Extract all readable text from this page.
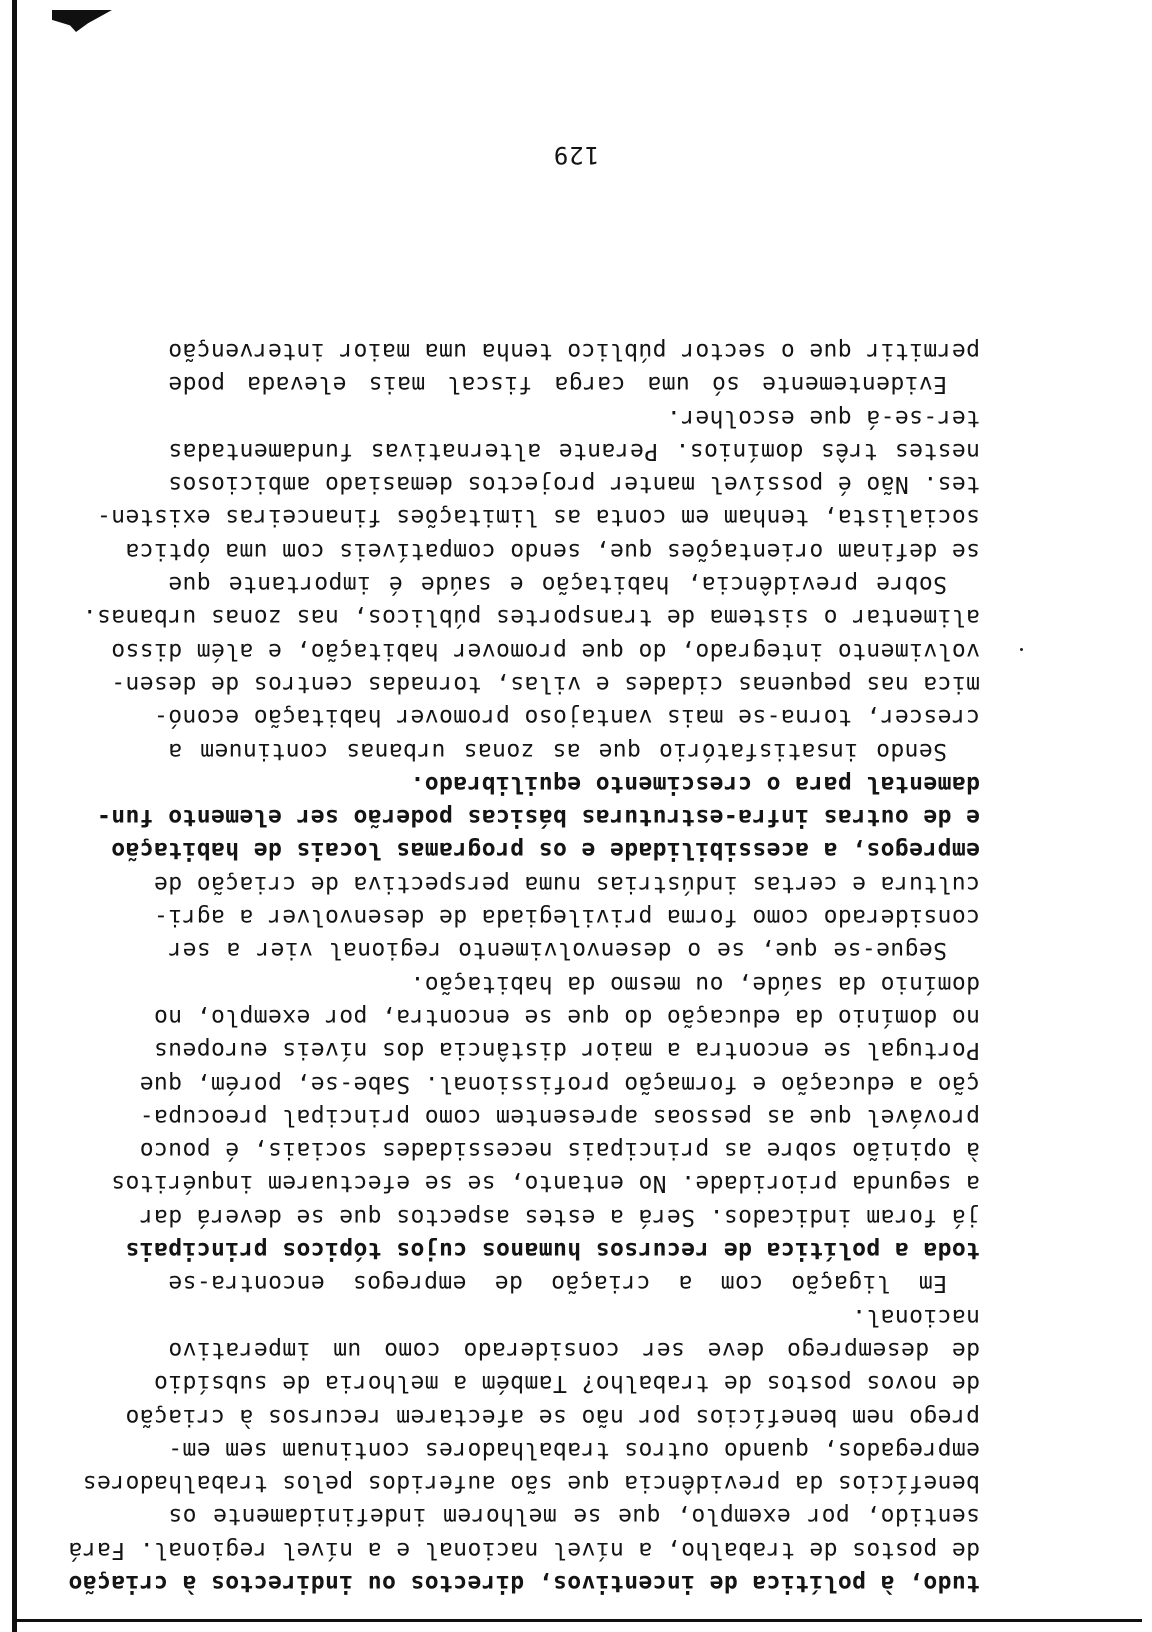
tudo, à política de incentivos, directos ou indirectos à criação
de postos de trabalho, a nível nacional e a nível regional. Fará
sentido, por exemplo, que se melhorem indefinidamente os
benefícios da previdência que são auferidos pelos trabalhadores
empregados, quando outros trabalhadores continuam sem em-
prego nem benefícios por não se afectarem recursos à criação
de novos postos de trabalho? Também a melhoria de subsídio
de desemprego deve ser considerado como um imperativo
nacional.
Em ligação com a criação de empregos encontra-se
toda a política de recursos humanos cujos tópicos principais
já foram indicados. Será a estes aspectos que se deverá dar
a segunda prioridade. No entanto, se se efectuarem inquéritos
à opinião sobre as principais necessidades sociais, é pouco
provável que as pessoas apresentem como principal preocupa-
ção a educação e formação profissional. Sabe-se, porém, que
Portugal se encontra a maior distância dos níveis europeus
no domínio da educação do que se encontra, por exemplo, no
domínio da saúde, ou mesmo da habitação.
Segue-se que, se o desenvolvimento regional vier a ser
considerado como forma privilegiada de desenvolver a agri-
cultura e certas indústrias numa perspectiva de criação de
empregos, a acessibilidade e os programas locais de habitação
e de outras infra-estruturas básicas poderão ser elemento fun-
damental para o crescimento equilibrado.
Sendo insatisfatório que as zonas urbanas continuem a
crescer, torna-se mais vantajoso promover habitação econó-
mica nas pequenas cidades e vilas, tornadas centros de desen-
volvimento integrado, do que promover habitação, e além disso
alimentar o sistema de transportes públicos, nas zonas urbanas.
Sobre previdência, habitação e saúde é importante que
se definam orientações que, sendo compatíveis com uma óptica
socialista, tenham em conta as limitações financeiras existen-
tes. Não é possível manter projectos demasiado ambiciosos
nestes três domínios. Perante alternativas fundamentadas
ter-se-á que escolher.
Evidentemente só uma carga fiscal mais elevada pode
permitir que o sector público tenha uma maior intervenção
129
